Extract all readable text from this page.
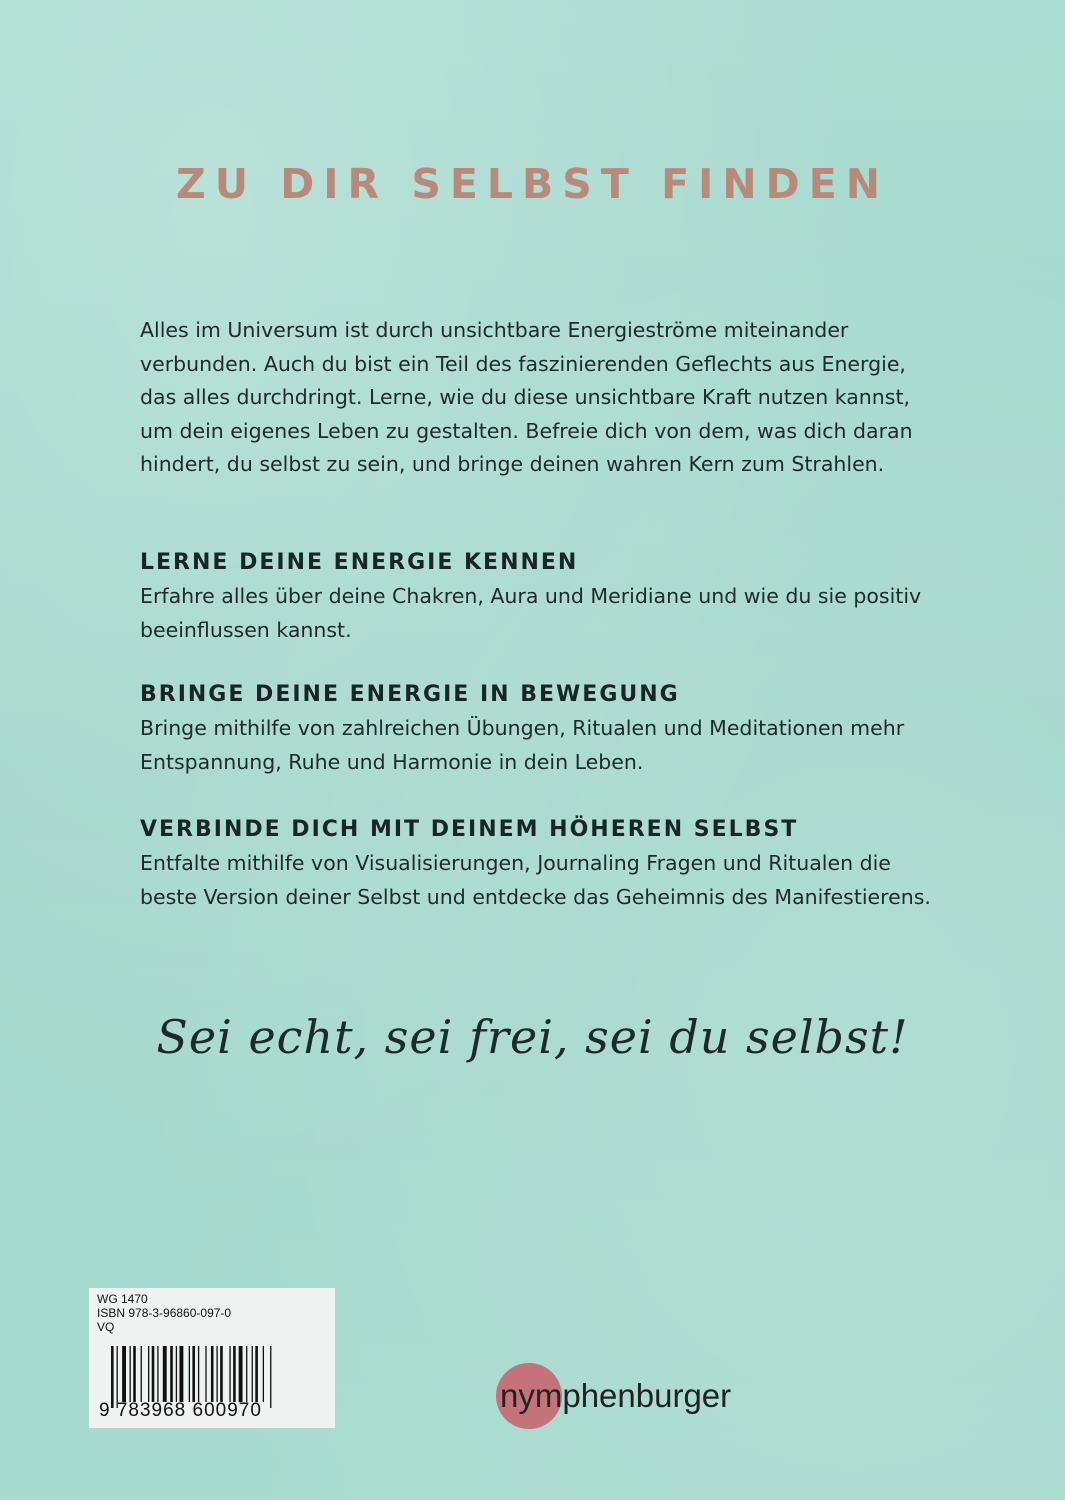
ZU DIR SELBST FINDEN

Alles im Universum ist durch unsichtbare Energieströme miteinander verbunden. Auch du bist ein Teil des faszinierenden Geflechts aus Energie, das alles durchdringt. Lerne, wie du diese unsichtbare Kraft nutzen kannst, um dein eigenes Leben zu gestalten. Befreie dich von dem, was dich daran hindert, du selbst zu sein, und bringe deinen wahren Kern zum Strahlen.

LERNE DEINE ENERGIE KENNEN

Erfahre alles über deine Chakren, Aura und Meridiane und wie du sie positiv beeinflussen kannst.

BRINGE DEINE ENERGIE IN BEWEGUNG

Bringe mithilfe von zahlreichen Übungen, Ritualen und Meditationen mehr Entspannung, Ruhe und Harmonie in dein Leben.

VERBINDE DICH MIT DEINEM HÖHEREN SELBST

Entfalte mithilfe von Visualisierungen, Journaling Fragen und Ritualen die beste Version deiner Selbst und entdecke das Geheimnis des Manifestierens.

Sei echt, sei frei, sei du selbst!
WG 1470
ISBN 978-3-96860-097-0
VQ
9 783968 600970	nymphenburger
